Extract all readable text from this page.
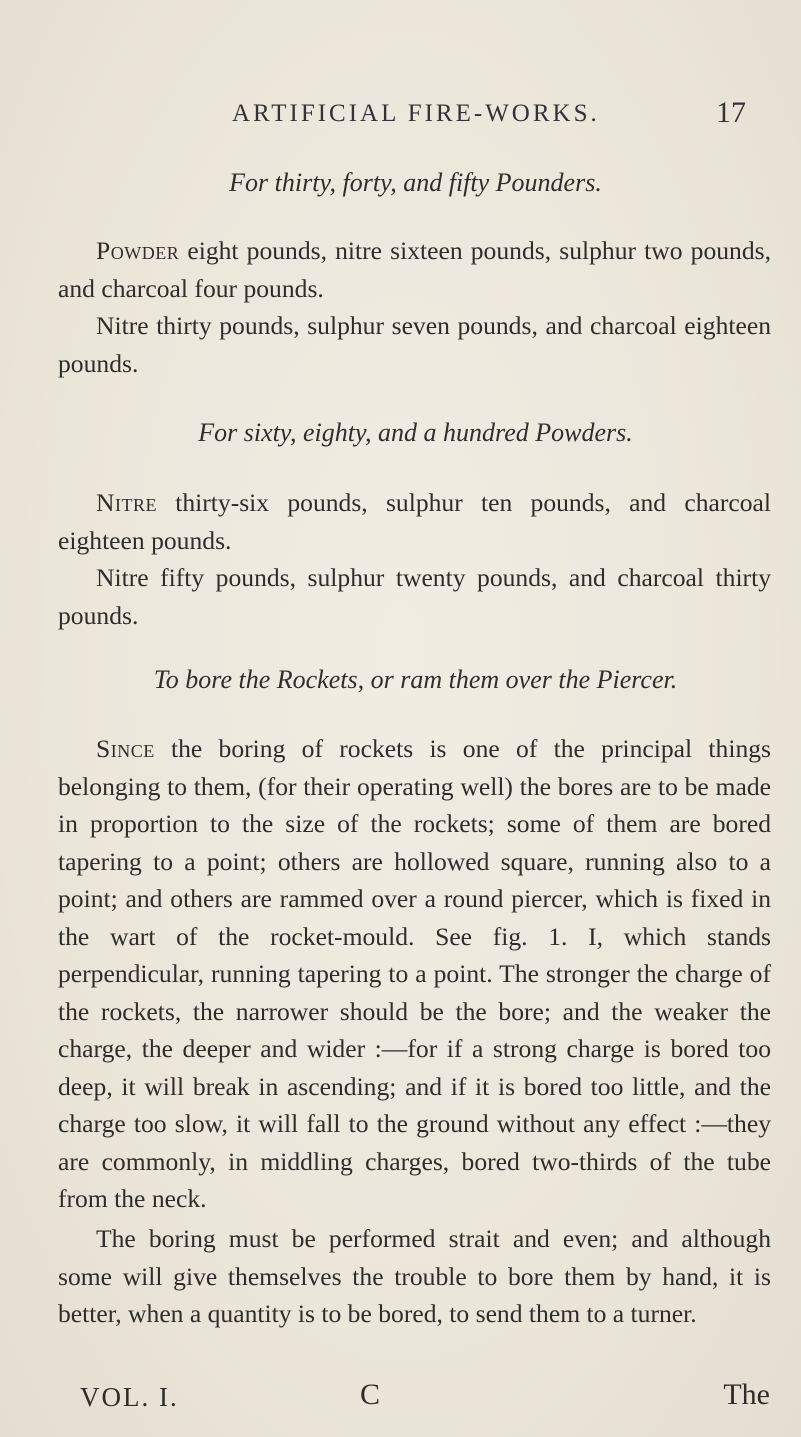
ARTIFICIAL FIRE-WORKS.	17
For thirty, forty, and fifty Pounders.

Powder eight pounds, nitre sixteen pounds, sulphur two pounds, and charcoal four pounds.

Nitre thirty pounds, sulphur seven pounds, and charcoal eighteen pounds.

For sixty, eighty, and a hundred Powders.

Nitre thirty-six pounds, sulphur ten pounds, and charcoal eighteen pounds.

Nitre fifty pounds, sulphur twenty pounds, and charcoal thirty pounds.

To bore the Rockets, or ram them over the Piercer.

Since the boring of rockets is one of the principal things belonging to them, (for their operating well) the bores are to be made in proportion to the size of the rockets; some of them are bored tapering to a point; others are hollowed square, running also to a point; and others are rammed over a round piercer, which is fixed in the wart of the rocket-mould. See fig. 1. I, which stands perpendicular, running tapering to a point. The stronger the charge of the rockets, the narrower should be the bore; and the weaker the charge, the deeper and wider :—for if a strong charge is bored too deep, it will break in ascending; and if it is bored too little, and the charge too slow, it will fall to the ground without any effect :—they are commonly, in middling charges, bored two-thirds of the tube from the neck.

The boring must be performed strait and even; and although some will give themselves the trouble to bore them by hand, it is better, when a quantity is to be bored, to send them to a turner.

VOL. I.	C	The
